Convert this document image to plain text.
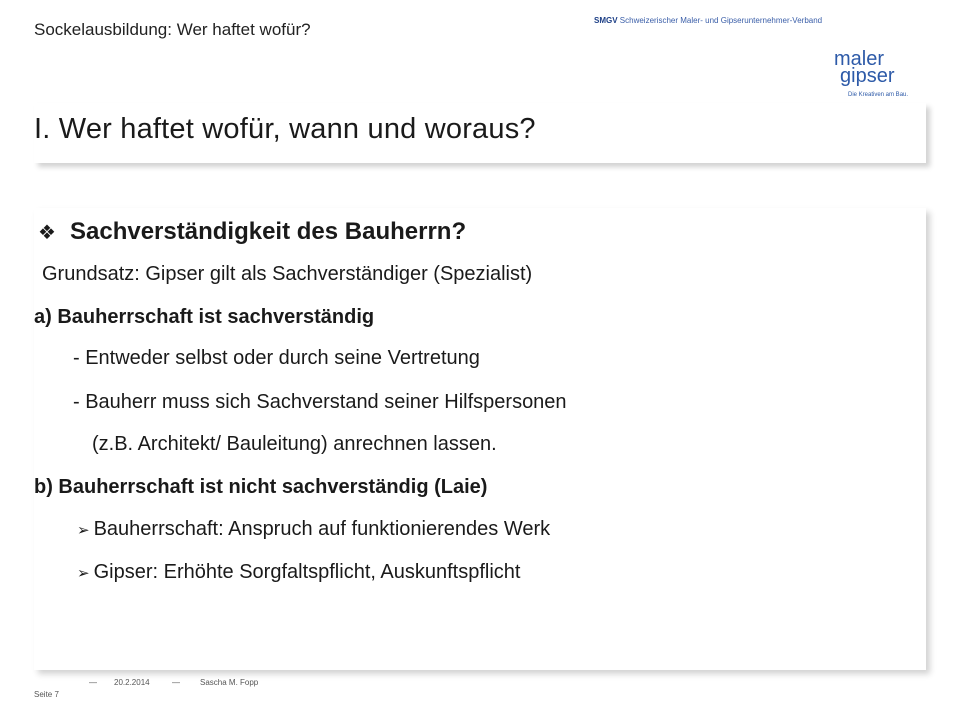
Sockelausbildung: Wer haftet wofür?	SMGV Schweizerischer Maler- und Gipserunternehmer-Verband
maler
gipser
Die Kreativen am Bau.
I. Wer haftet wofür, wann und woraus?
❖ Sachverständigkeit des Bauherrn?
Grundsatz: Gipser gilt als Sachverständiger (Spezialist)
a) Bauherrschaft ist sachverständig
- Entweder selbst oder durch seine Vertretung
- Bauherr muss sich Sachverstand seiner Hilfspersonen
(z.B. Architekt/ Bauleitung) anrechnen lassen.
b) Bauherrschaft ist nicht sachverständig (Laie)
➢ Bauherrschaft: Anspruch auf funktionierendes Werk
➢ Gipser: Erhöhte Sorgfaltspflicht, Auskunftspflicht
— 20.2.2014	—	Sascha M. Fopp
Seite 7
